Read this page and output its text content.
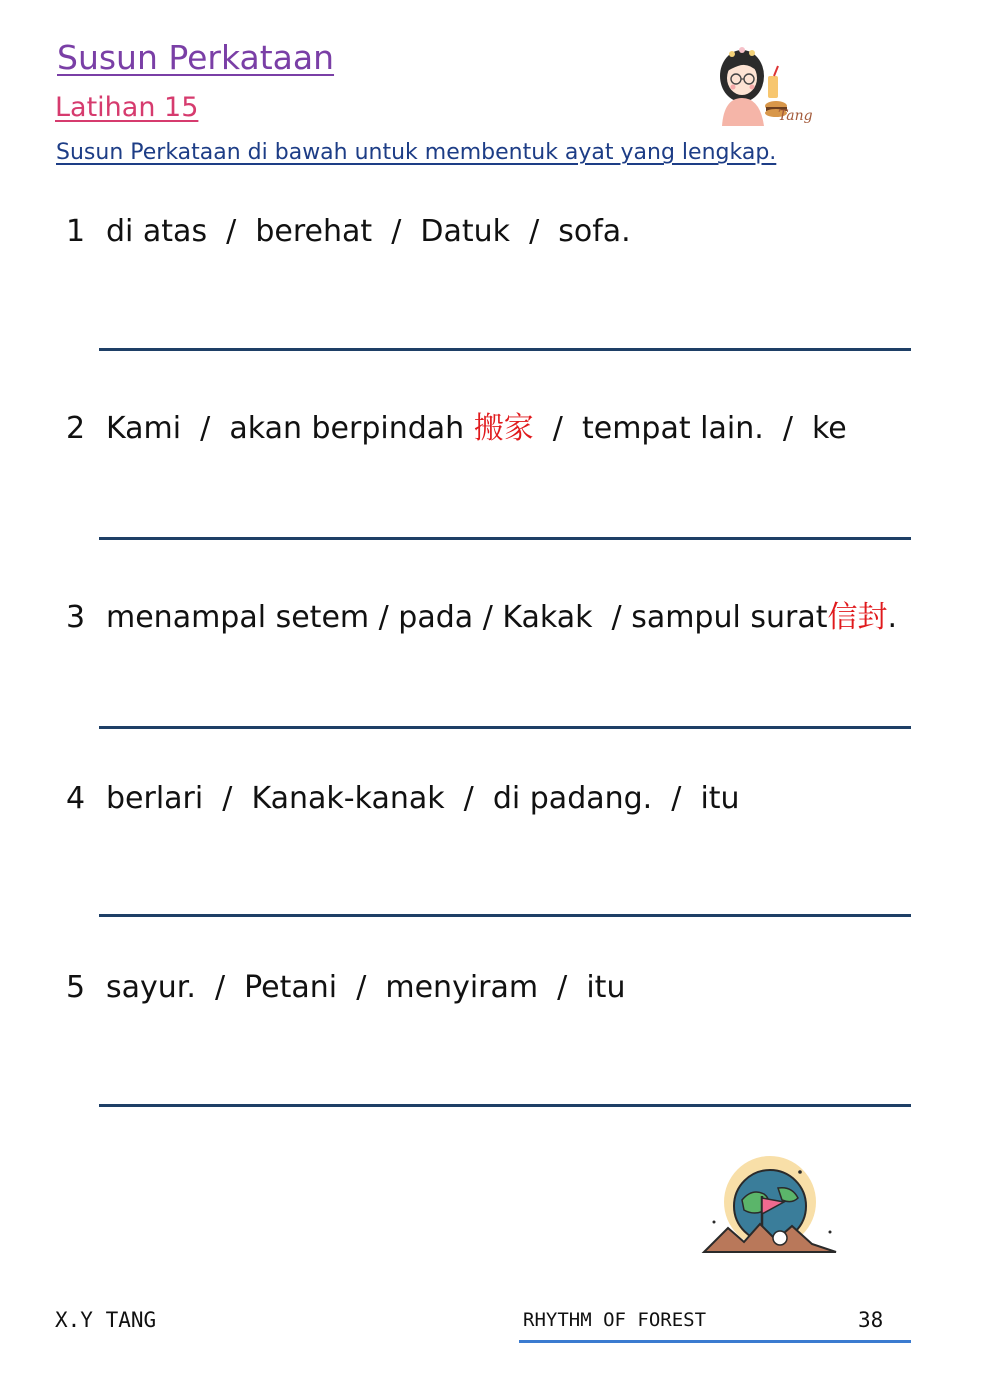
Susun Perkataan
Latihan 15
Susun Perkataan di bawah untuk membentuk ayat yang lengkap.
Tang
1 di atas  /  berehat  /  Datuk  /  sofa.
2 Kami  /  akan berpindah 搬家  /  tempat lain.  /  ke
3 menampal setem / pada / Kakak  / sampul surat信封.
4 berlari  /  Kanak-kanak  /  di padang.  /  itu
5 sayur.  /  Petani  /  menyiram  /  itu
X.Y TANG	RHYTHM OF FOREST	38
